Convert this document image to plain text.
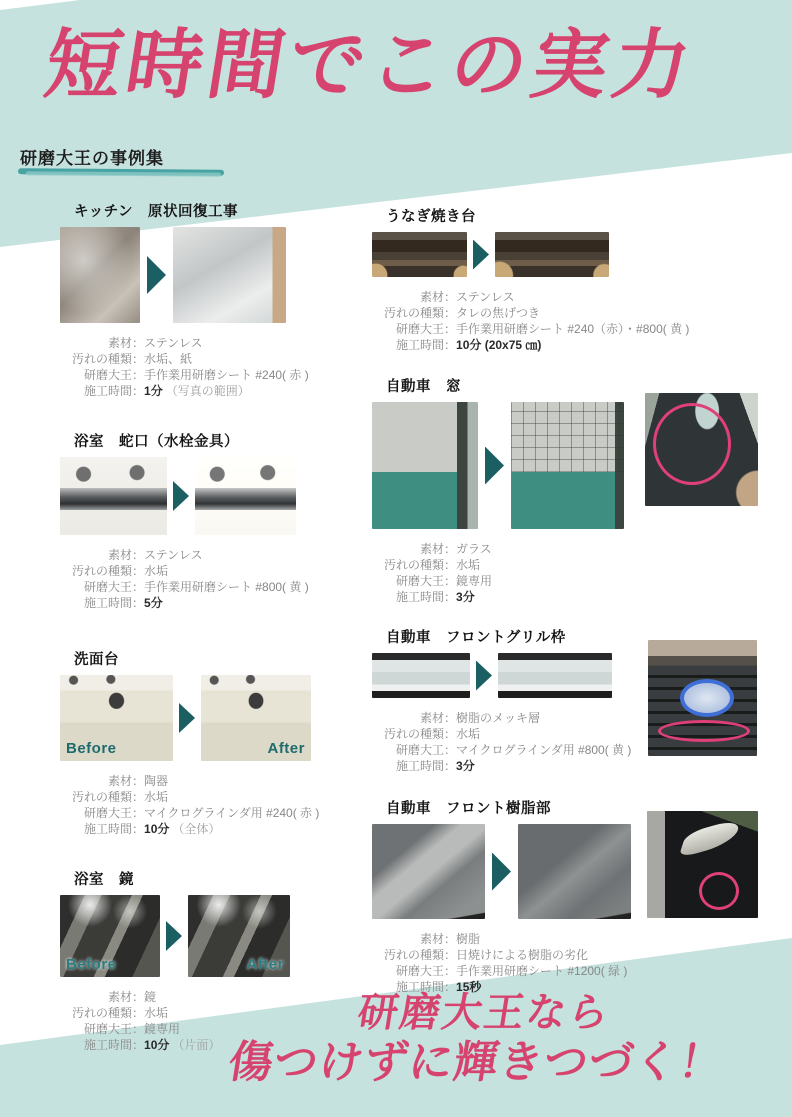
短時間でこの実力
研磨大王の事例集
キッチン　原状回復工事
素材 ： ステンレス
汚れの種類 ： 水垢、紙
研磨大王 ： 手作業用研磨シート #240( 赤 )
施工時間 ： 1分 （写真の範囲）
浴室　蛇口（水栓金具）
素材 ： ステンレス
汚れの種類 ： 水垢
研磨大王 ： 手作業用研磨シート #800( 黄 )
施工時間 ： 5分
洗面台
Before	After
素材 ： 陶器
汚れの種類 ： 水垢
研磨大王 ： マイクログラインダ用 #240( 赤 )
施工時間 ： 10分 （全体）
浴室　鏡
Before	After
素材 ： 鏡
汚れの種類 ： 水垢
研磨大王 ： 鏡専用
施工時間 ： 10分 （片面）
うなぎ焼き台
素材 ： ステンレス
汚れの種類 ： タレの焦げつき
研磨大王 ： 手作業用研磨シート #240（赤）・#800( 黄 )
施工時間 ： 10分 (20x75 ㎝)
自動車　窓
素材 ： ガラス
汚れの種類 ： 水垢
研磨大王 ： 鏡専用
施工時間 ： 3分
自動車　フロントグリル枠
素材 ： 樹脂のメッキ層
汚れの種類 ： 水垢
研磨大工 ： マイクログラインダ用 #800( 黄 )
施工時間 ： 3分
自動車　フロント樹脂部
素材 ： 樹脂
汚れの種類 ： 日焼けによる樹脂の劣化
研磨大王 ： 手作業用研磨シート #1200( 緑 )
施工時間 ： 15秒
研磨大王なら
傷つけずに輝きつづく！
